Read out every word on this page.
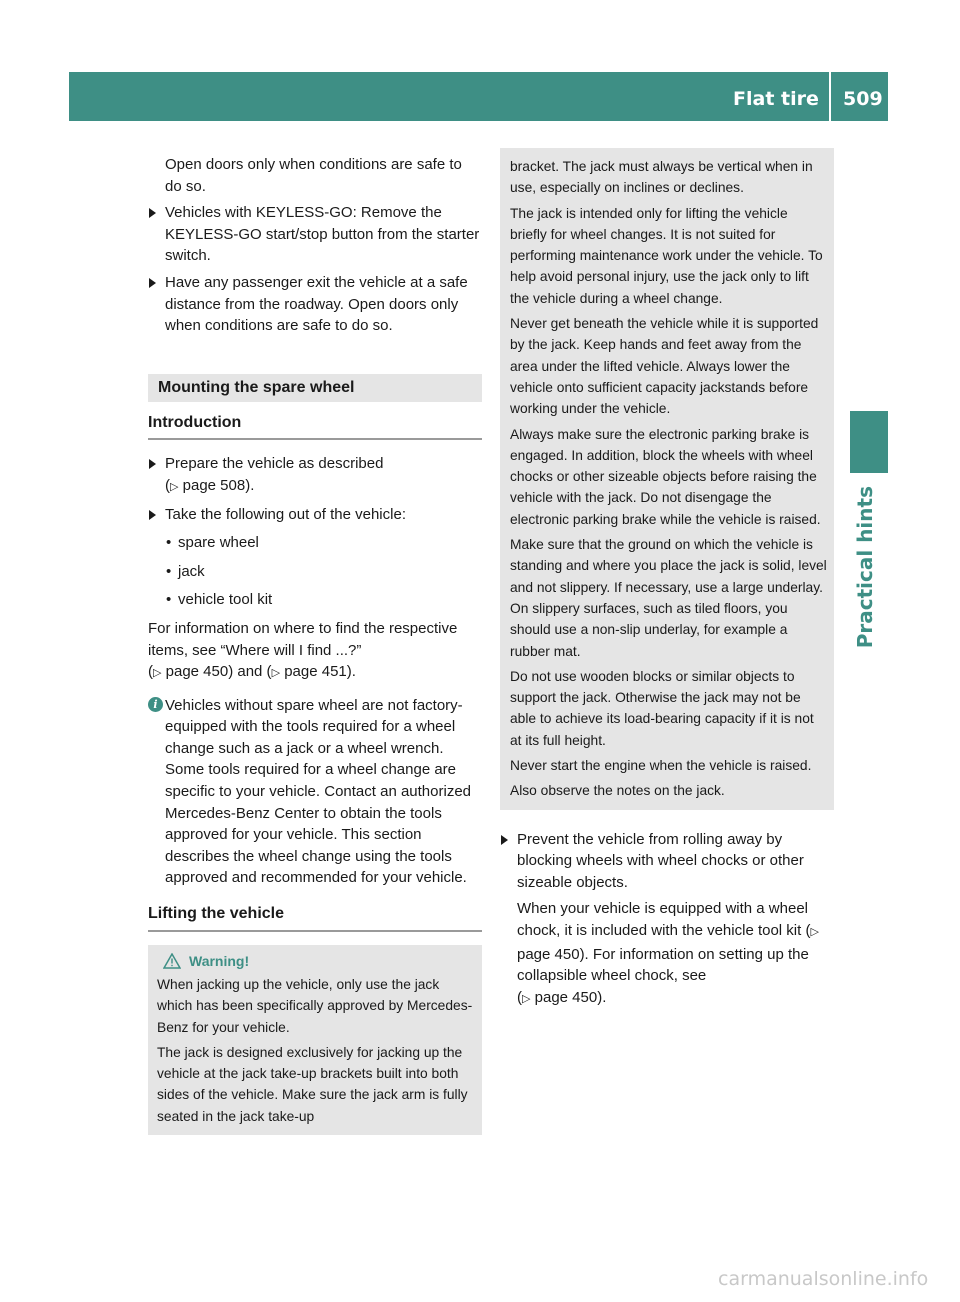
Flat tire 509
Practical hints

Open doors only when conditions are safe to do so.

Vehicles with KEYLESS-GO: Remove the KEYLESS-GO start/stop button from the starter switch.
Have any passenger exit the vehicle at a safe distance from the roadway. Open doors only when conditions are safe to do so.
Mounting the spare wheel
Introduction
Prepare the vehicle as described
(▷ page 508).
Take the following out of the vehicle:
• spare wheel
• jack
• vehicle tool kit

For information on where to find the respective items, see “Where will I find ...?”
(▷ page 450) and (▷ page 451).

i Vehicles without spare wheel are not factory-equipped with the tools required for a wheel change such as a jack or a wheel wrench. Some tools required for a wheel change are specific to your vehicle. Contact an authorized Mercedes-Benz Center to obtain the tools approved for your vehicle. This section describes the wheel change using the tools approved and recommended for your vehicle.
Lifting the vehicle
Warning!

When jacking up the vehicle, only use the jack which has been specifically approved by Mercedes-Benz for your vehicle.

The jack is designed exclusively for jacking up the vehicle at the jack take-up brackets built into both sides of the vehicle. Make sure the jack arm is fully seated in the jack take-up

bracket. The jack must always be vertical when in use, especially on inclines or declines.

The jack is intended only for lifting the vehicle briefly for wheel changes. It is not suited for performing maintenance work under the vehicle. To help avoid personal injury, use the jack only to lift the vehicle during a wheel change.

Never get beneath the vehicle while it is supported by the jack. Keep hands and feet away from the area under the lifted vehicle. Always lower the vehicle onto sufficient capacity jackstands before working under the vehicle.

Always make sure the electronic parking brake is engaged. In addition, block the wheels with wheel chocks or other sizeable objects before raising the vehicle with the jack. Do not disengage the electronic parking brake while the vehicle is raised.

Make sure that the ground on which the vehicle is standing and where you place the jack is solid, level and not slippery. If necessary, use a large underlay. On slippery surfaces, such as tiled floors, you should use a non-slip underlay, for example a rubber mat.

Do not use wooden blocks or similar objects to support the jack. Otherwise the jack may not be able to achieve its load-bearing capacity if it is not at its full height.

Never start the engine when the vehicle is raised.

Also observe the notes on the jack.

Prevent the vehicle from rolling away by blocking wheels with wheel chocks or other sizeable objects.

When your vehicle is equipped with a wheel chock, it is included with the vehicle tool kit (▷ page 450). For information on setting up the collapsible wheel chock, see
(▷ page 450).

carmanualsonline.info
